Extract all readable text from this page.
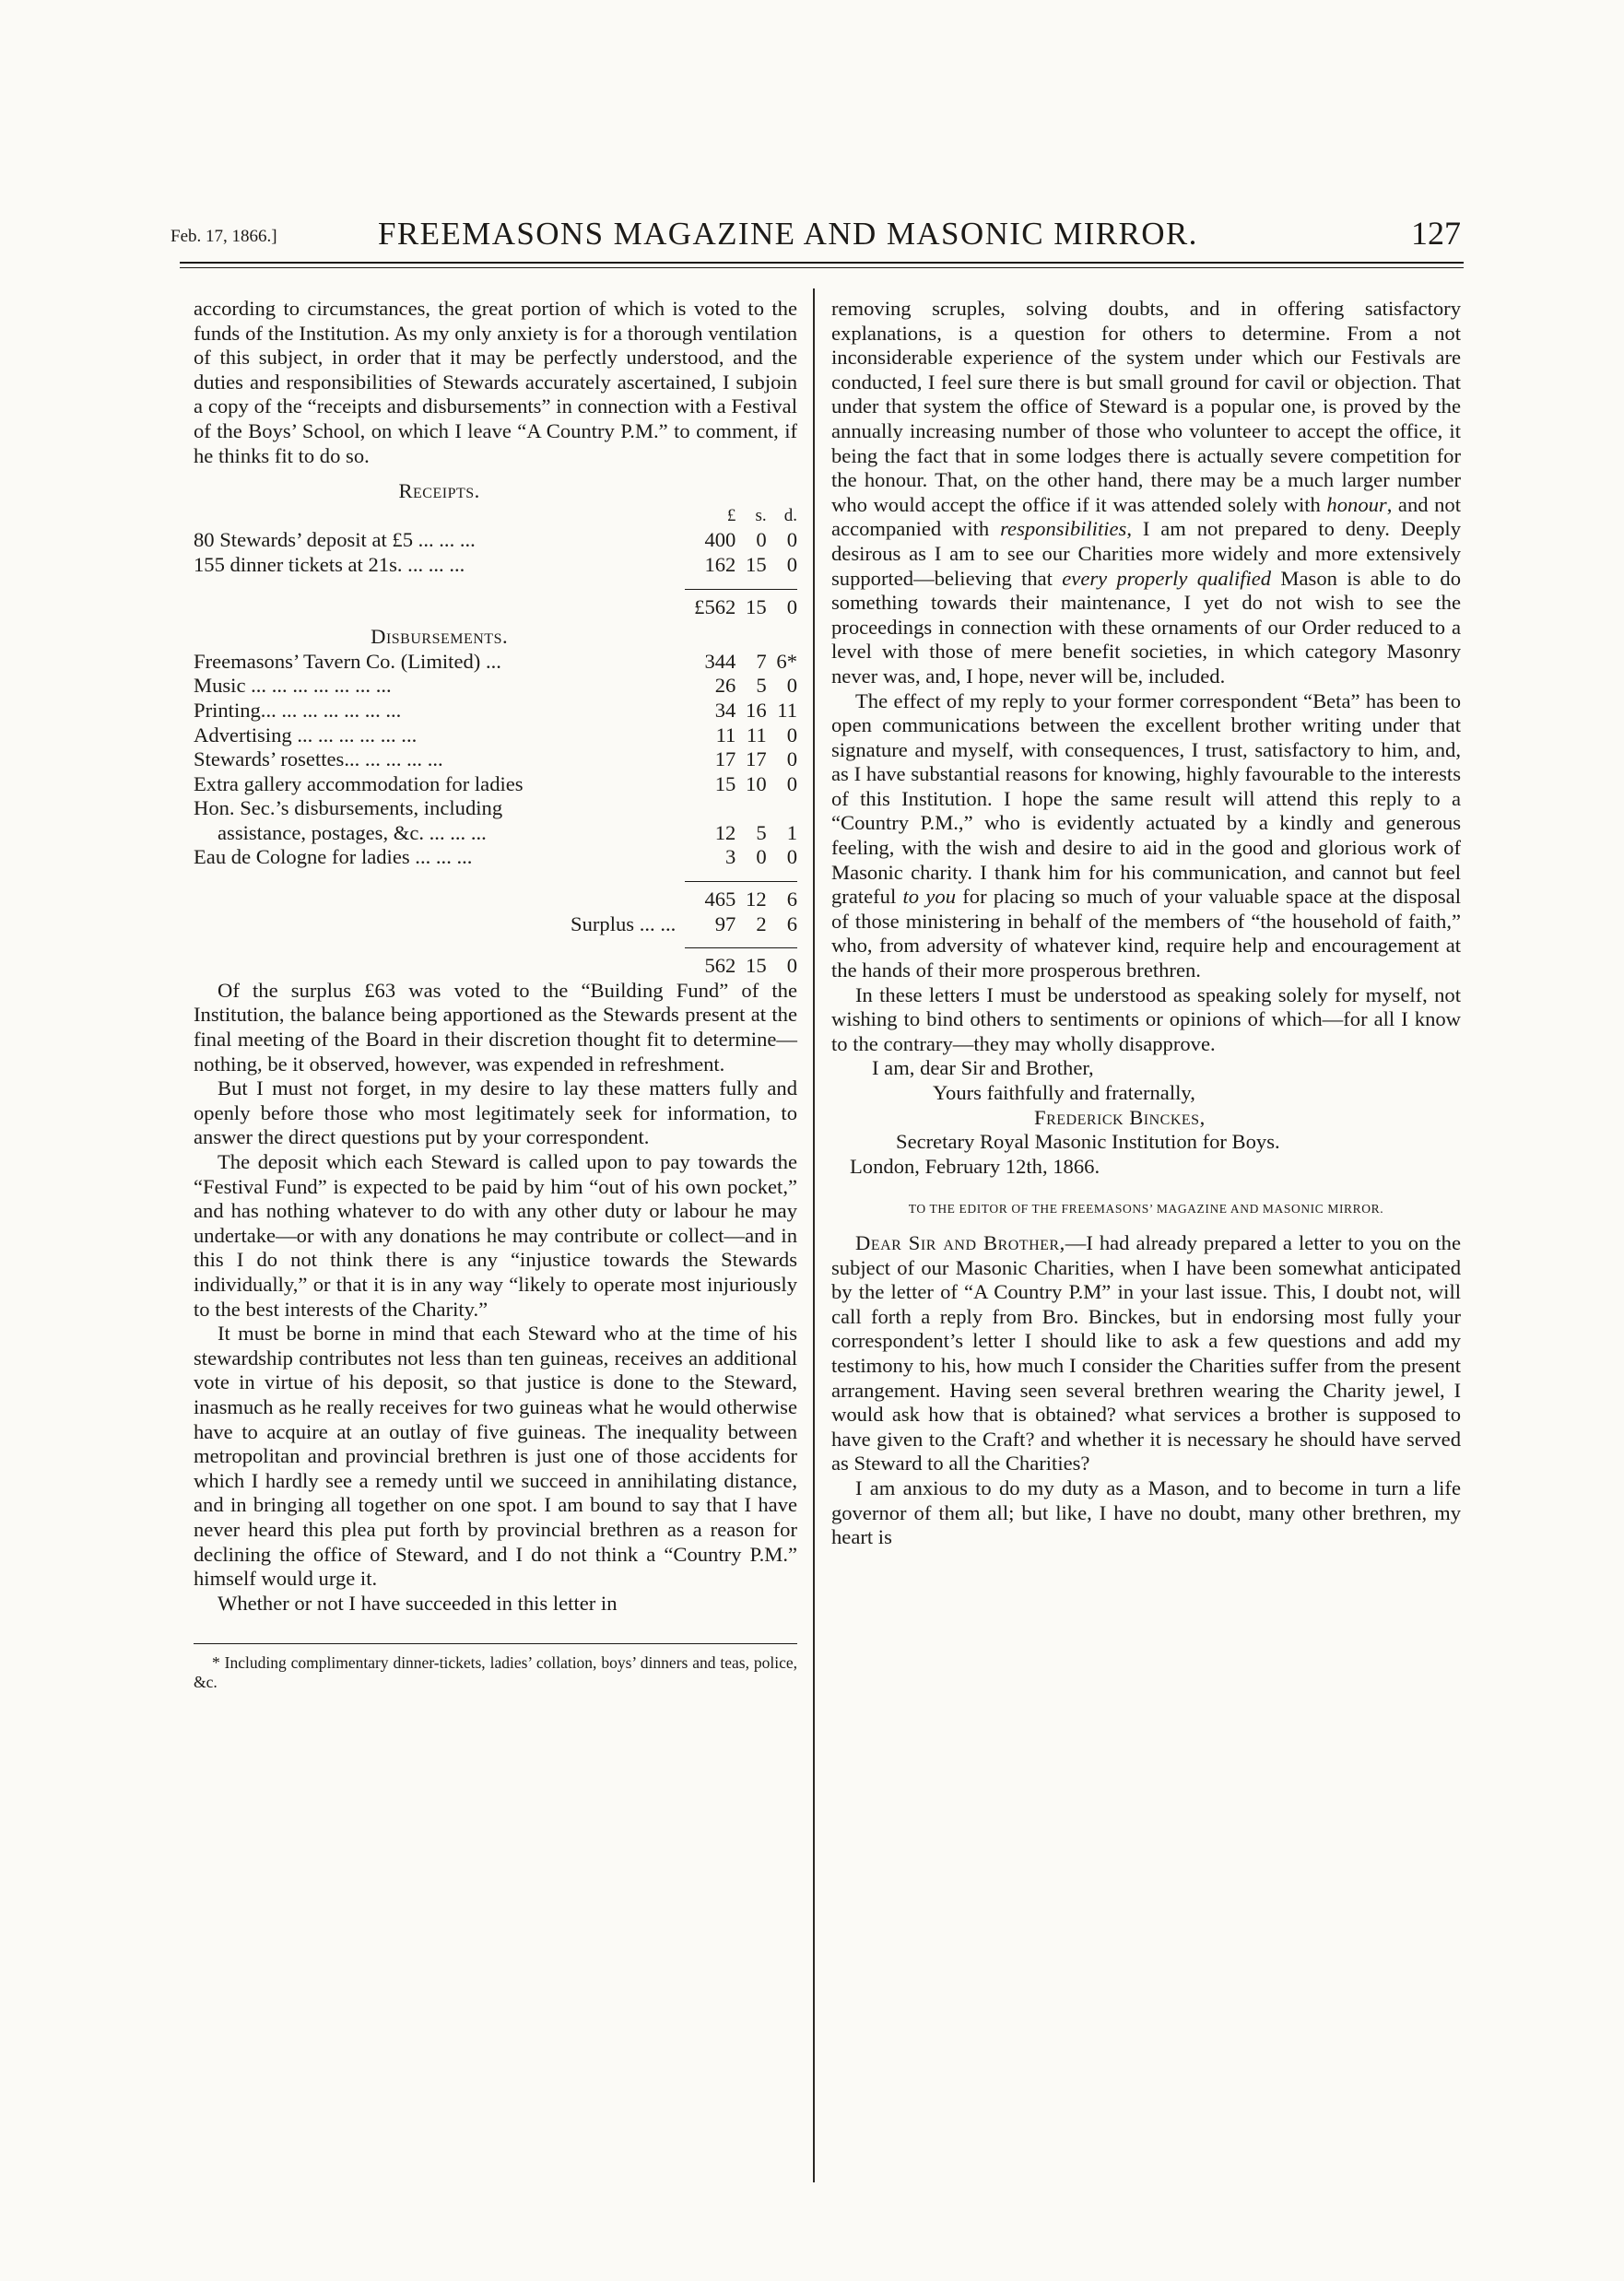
Feb. 17, 1866.]	FREEMASONS MAGAZINE AND MASONIC MIRROR.	127

according to circumstances, the great portion of which is voted to the funds of the Institution. As my only anxiety is for a thorough ventilation of this subject, in order that it may be perfectly understood, and the duties and responsibilities of Stewards accurately ascertained, I subjoin a copy of the “receipts and disbursements” in connection with a Festival of the Boys’ School, on which I leave “A Country P.M.” to comment, if he thinks fit to do so.

Receipts.			
	£	s.	d.
80 Stewards’ deposit at £5 ... ... ...	400	0	0
155 dinner tickets at 21s. ... ... ...	162	15	0

	£562	15	0
Disbursements.			
Freemasons’ Tavern Co. (Limited) ...	344	7	6*
Music ... ... ... ... ... ... ...	26	5	0
Printing... ... ... ... ... ... ...	34	16	11
Advertising ... ... ... ... ... ...	11	11	0
Stewards’ rosettes... ... ... ... ...	17	17	0
Extra gallery accommodation for ladies	15	10	0
Hon. Sec.’s disbursements, including			
assistance, postages, &c. ... ... ...	12	5	1
Eau de Cologne for ladies ... ... ...	3	0	0

	465	12	6
Surplus ... ...	97	2	6

	562	15	0

Of the surplus £63 was voted to the “Building Fund” of the Institution, the balance being apportioned as the Stewards present at the final meeting of the Board in their discretion thought fit to determine—nothing, be it observed, however, was expended in refreshment.

But I must not forget, in my desire to lay these matters fully and openly before those who most legitimately seek for information, to answer the direct questions put by your correspondent.

The deposit which each Steward is called upon to pay towards the “Festival Fund” is expected to be paid by him “out of his own pocket,” and has nothing whatever to do with any other duty or labour he may undertake—or with any donations he may contribute or collect—and in this I do not think there is any “injustice towards the Stewards individually,” or that it is in any way “likely to operate most injuriously to the best interests of the Charity.”

It must be borne in mind that each Steward who at the time of his stewardship contributes not less than ten guineas, receives an additional vote in virtue of his deposit, so that justice is done to the Steward, inasmuch as he really receives for two guineas what he would otherwise have to acquire at an outlay of five guineas. The inequality between metropolitan and provincial brethren is just one of those accidents for which I hardly see a remedy until we succeed in annihilating distance, and in bringing all together on one spot. I am bound to say that I have never heard this plea put forth by provincial brethren as a reason for declining the office of Steward, and I do not think a “Country P.M.” himself would urge it.

Whether or not I have succeeded in this letter in

* Including complimentary dinner-tickets, ladies’ collation, boys’ dinners and teas, police, &c.

removing scruples, solving doubts, and in offering satisfactory explanations, is a question for others to determine. From a not inconsiderable experience of the system under which our Festivals are conducted, I feel sure there is but small ground for cavil or objection. That under that system the office of Steward is a popular one, is proved by the annually increasing number of those who volunteer to accept the office, it being the fact that in some lodges there is actually severe competition for the honour. That, on the other hand, there may be a much larger number who would accept the office if it was attended solely with honour, and not accompanied with responsibilities, I am not prepared to deny. Deeply desirous as I am to see our Charities more widely and more extensively supported—believing that every properly qualified Mason is able to do something towards their maintenance, I yet do not wish to see the proceedings in connection with these ornaments of our Order reduced to a level with those of mere benefit societies, in which category Masonry never was, and, I hope, never will be, included.

The effect of my reply to your former correspondent “Beta” has been to open communications between the excellent brother writing under that signature and myself, with consequences, I trust, satisfactory to him, and, as I have substantial reasons for knowing, highly favourable to the interests of this Institution. I hope the same result will attend this reply to a “Country P.M.,” who is evidently actuated by a kindly and generous feeling, with the wish and desire to aid in the good and glorious work of Masonic charity. I thank him for his communication, and cannot but feel grateful to you for placing so much of your valuable space at the disposal of those ministering in behalf of the members of “the household of faith,” who, from adversity of whatever kind, require help and encouragement at the hands of their more prosperous brethren.

In these letters I must be understood as speaking solely for myself, not wishing to bind others to sentiments or opinions of which—for all I know to the contrary—they may wholly disapprove.

I am, dear Sir and Brother,

Yours faithfully and fraternally,

Frederick Binckes,

Secretary Royal Masonic Institution for Boys.

London, February 12th, 1866.

TO THE EDITOR OF THE FREEMASONS’ MAGAZINE AND MASONIC MIRROR.

Dear Sir and Brother,—I had already prepared a letter to you on the subject of our Masonic Charities, when I have been somewhat anticipated by the letter of “A Country P.M” in your last issue. This, I doubt not, will call forth a reply from Bro. Binckes, but in endorsing most fully your correspondent’s letter I should like to ask a few questions and add my testimony to his, how much I consider the Charities suffer from the present arrangement. Having seen several brethren wearing the Charity jewel, I would ask how that is obtained? what services a brother is supposed to have given to the Craft? and whether it is necessary he should have served as Steward to all the Charities?

I am anxious to do my duty as a Mason, and to become in turn a life governor of them all; but like, I have no doubt, many other brethren, my heart is
